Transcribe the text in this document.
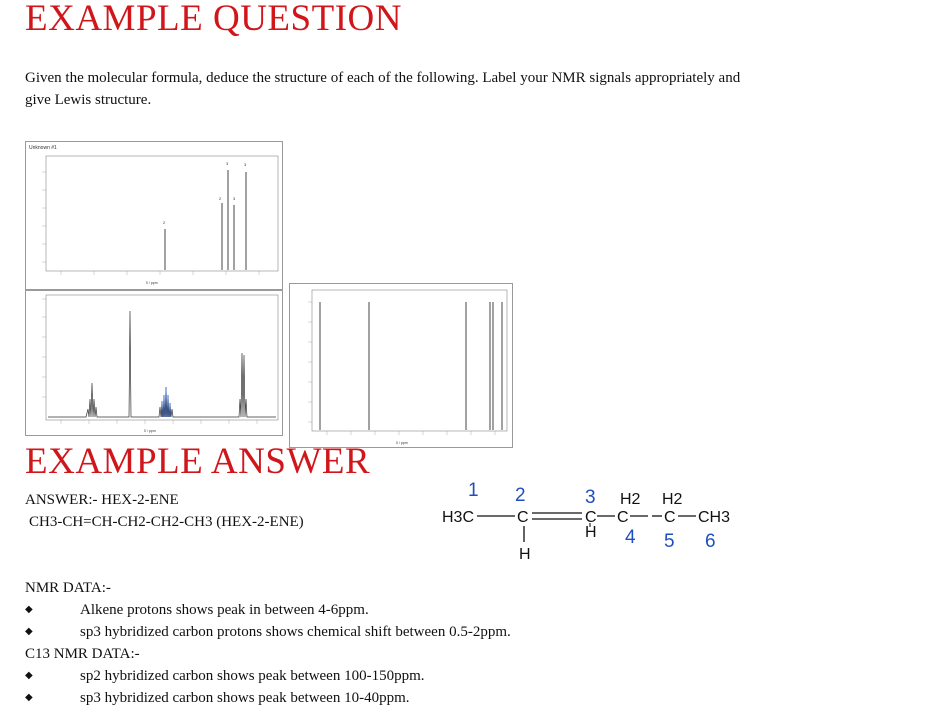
EXAMPLE QUESTION
Given the molecular formula, deduce the structure of each of the following. Label your NMR signals appropriately and
give Lewis structure.
Unknown #1
2
2
3
3
3
δ / ppm
δ / ppm
δ / ppm
EXAMPLE ANSWER
ANSWER:- HEX-2-ENE
CH3-CH=CH-CH2-CH2-CH3 (HEX-2-ENE)
1 2	3
4 5 6
H3C	C
H
C
H
C
H2
C
H2
CH3
NMR DATA:-
◆	Alkene protons shows peak in between 4-6ppm.
◆	sp3 hybridized carbon protons shows chemical shift between 0.5-2ppm.
C13 NMR DATA:-
◆	sp2 hybridized carbon shows peak between 100-150ppm.
◆	sp3 hybridized carbon shows peak between 10-40ppm.
